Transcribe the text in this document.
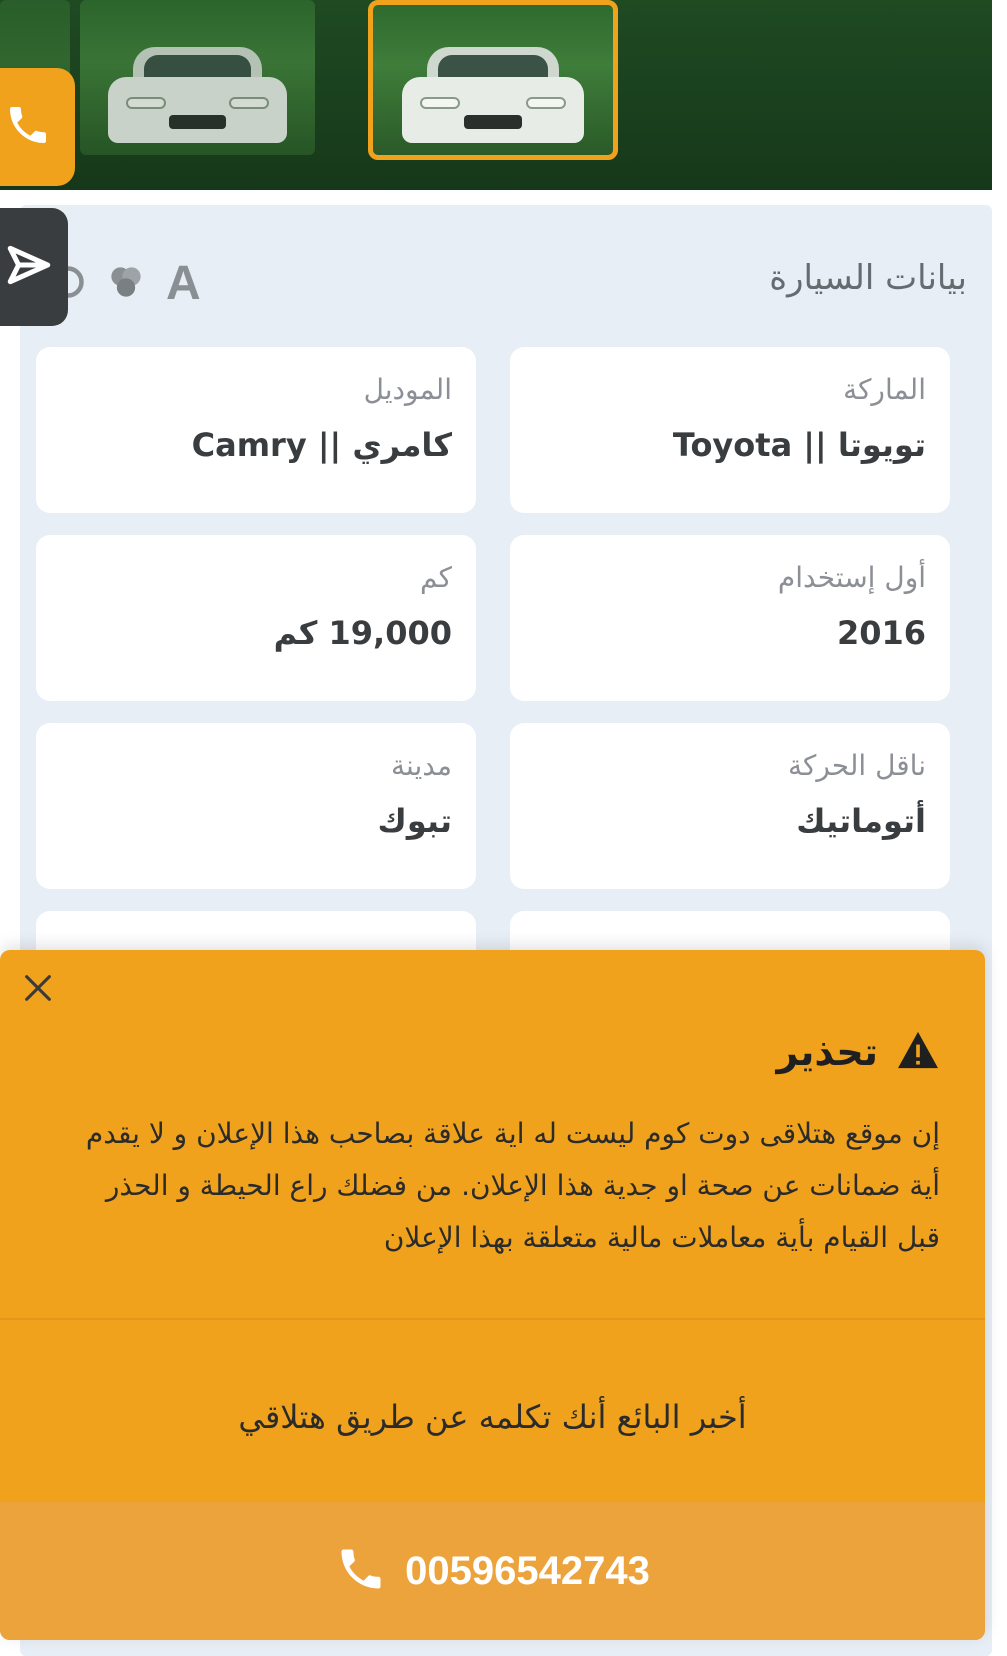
بيانات السيارة
A
الماركة
تويوتا || Toyota
الموديل
كامري || Camry
أول إستخدام
2016
كم
19,000 كم
ناقل الحركة
أتوماتيك
مدينة
تبوك
تحذير
إن موقع هتلاقى دوت كوم ليست له اية علاقة بصاحب هذا الإعلان و لا يقدم أية ضمانات عن صحة او جدية هذا الإعلان. من فضلك راع الحيطة و الحذر قبل القيام بأية معاملات مالية متعلقة بهذا الإعلان
أخبر البائع أنك تكلمه عن طريق هتلاقي
00596542743
